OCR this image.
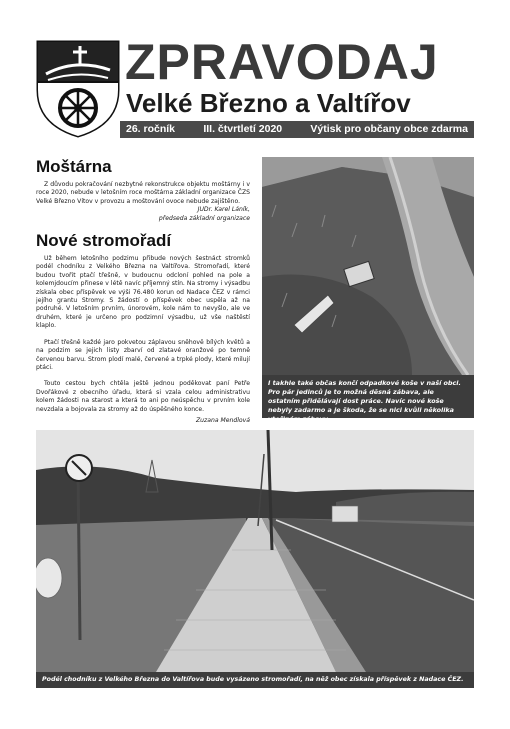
ZPRAVODAJ
Velké Březno a Valtířov
26. ročník	III. čtvrtletí 2020	Výtisk pro občany obce zdarma
Moštárna

Z důvodu pokračování nezbytné rekonstrukce objektu moštárny i v roce 2020, nebude v letošním roce moštárna základní organizace ČZS Velké Březno Vítov v provozu a moštování ovoce nebude zajištěno.

JUDr. Karel Láník,
předseda základní organizace
Nové stromořadí

Už během letošního podzimu přibude nových šestnáct stromků podél chodníku z Velkého Března na Valtířova. Stromořadí, které budou tvořit ptačí třešně, v budoucnu odcloní pohled na pole a kolemjdoucím přinese v létě navíc příjemný stín. Na stromy i výsadbu získala obec příspěvek ve výši 76.480 korun od Nadace ČEZ v rámci jejího grantu Stromy. S žádostí o příspěvek obec uspěla až na podruhé. V letošním prvním, únorovém, kole nám to nevyšlo, ale ve druhém, které je určeno pro podzimní výsadbu, už vše naštěstí klaplo.

Ptačí třešně každé jaro pokvetou záplavou sněhově bílých květů a na podzim se jejich listy zbarví od zlatavé oranžové po temně červenou barvu. Strom plodí malé, červené a trpké plody, které milují ptáci.

Touto cestou bych chtěla ještě jednou poděkovat paní Petře Dvořákové z obecního úřadu, která si vzala celou administrativu kolem žádosti na starost a která to ani po neúspěchu v prvním kole nevzdala a bojovala za stromy až do úspěšného konce.

Zuzana Mendlová
I takhle také občas končí odpadkové koše v naší obci. Pro pár jedinců je to možná děsná zábava, ale ostatním přidělávají dost práce. Navíc nové koše nebyly zadarmo a je škoda, že se nici kvůli několika vteřinám zábavy.
Podél chodníku z Velkého Března do Valtířova bude vysázeno stromořadí, na něž obec získala příspěvek z Nadace ČEZ.
